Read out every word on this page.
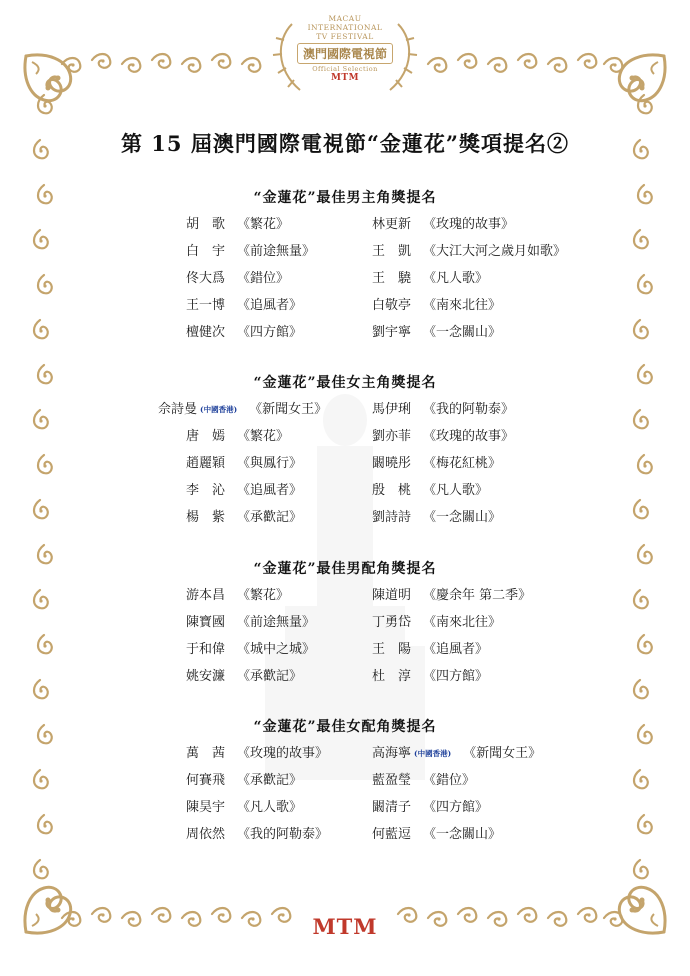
MACAU
INTERNATIONAL
TV FESTIVAL
澳門國際電視節
Official Selection
MTM
第 15 屆澳門國際電視節“金蓮花”獎項提名②
“金蓮花”最佳男主角獎提名
胡　歌 《繁花》	林更新 《玫瑰的故事》
白　宇 《前途無量》	王　凱 《大江大河之歲月如歌》
佟大爲 《錯位》	王　驍 《凡人歌》
王一博 《追風者》	白敬亭 《南來北往》
檀健次 《四方館》	劉宇寧 《一念關山》
“金蓮花”最佳女主角獎提名
佘詩曼 (中國香港) 《新聞女王》	馬伊琍 《我的阿勒泰》
唐　嫣 《繁花》	劉亦菲 《玫瑰的故事》
趙麗穎 《與鳳行》	闞曉彤 《梅花紅桃》
李　沁 《追風者》	殷　桃 《凡人歌》
楊　紫 《承歡記》	劉詩詩 《一念關山》
“金蓮花”最佳男配角獎提名
游本昌 《繁花》	陳道明 《慶余年 第二季》
陳寶國 《前途無量》	丁勇岱 《南來北往》
于和偉 《城中之城》	王　陽 《追風者》
姚安濂 《承歡記》	杜　淳 《四方館》
“金蓮花”最佳女配角獎提名
萬　茜 《玫瑰的故事》	高海寧 (中國香港) 《新聞女王》
何賽飛 《承歡記》	藍盈瑩 《錯位》
陳昊宇 《凡人歌》	闞清子 《四方館》
周依然 《我的阿勒泰》	何藍逗 《一念關山》
MTM
